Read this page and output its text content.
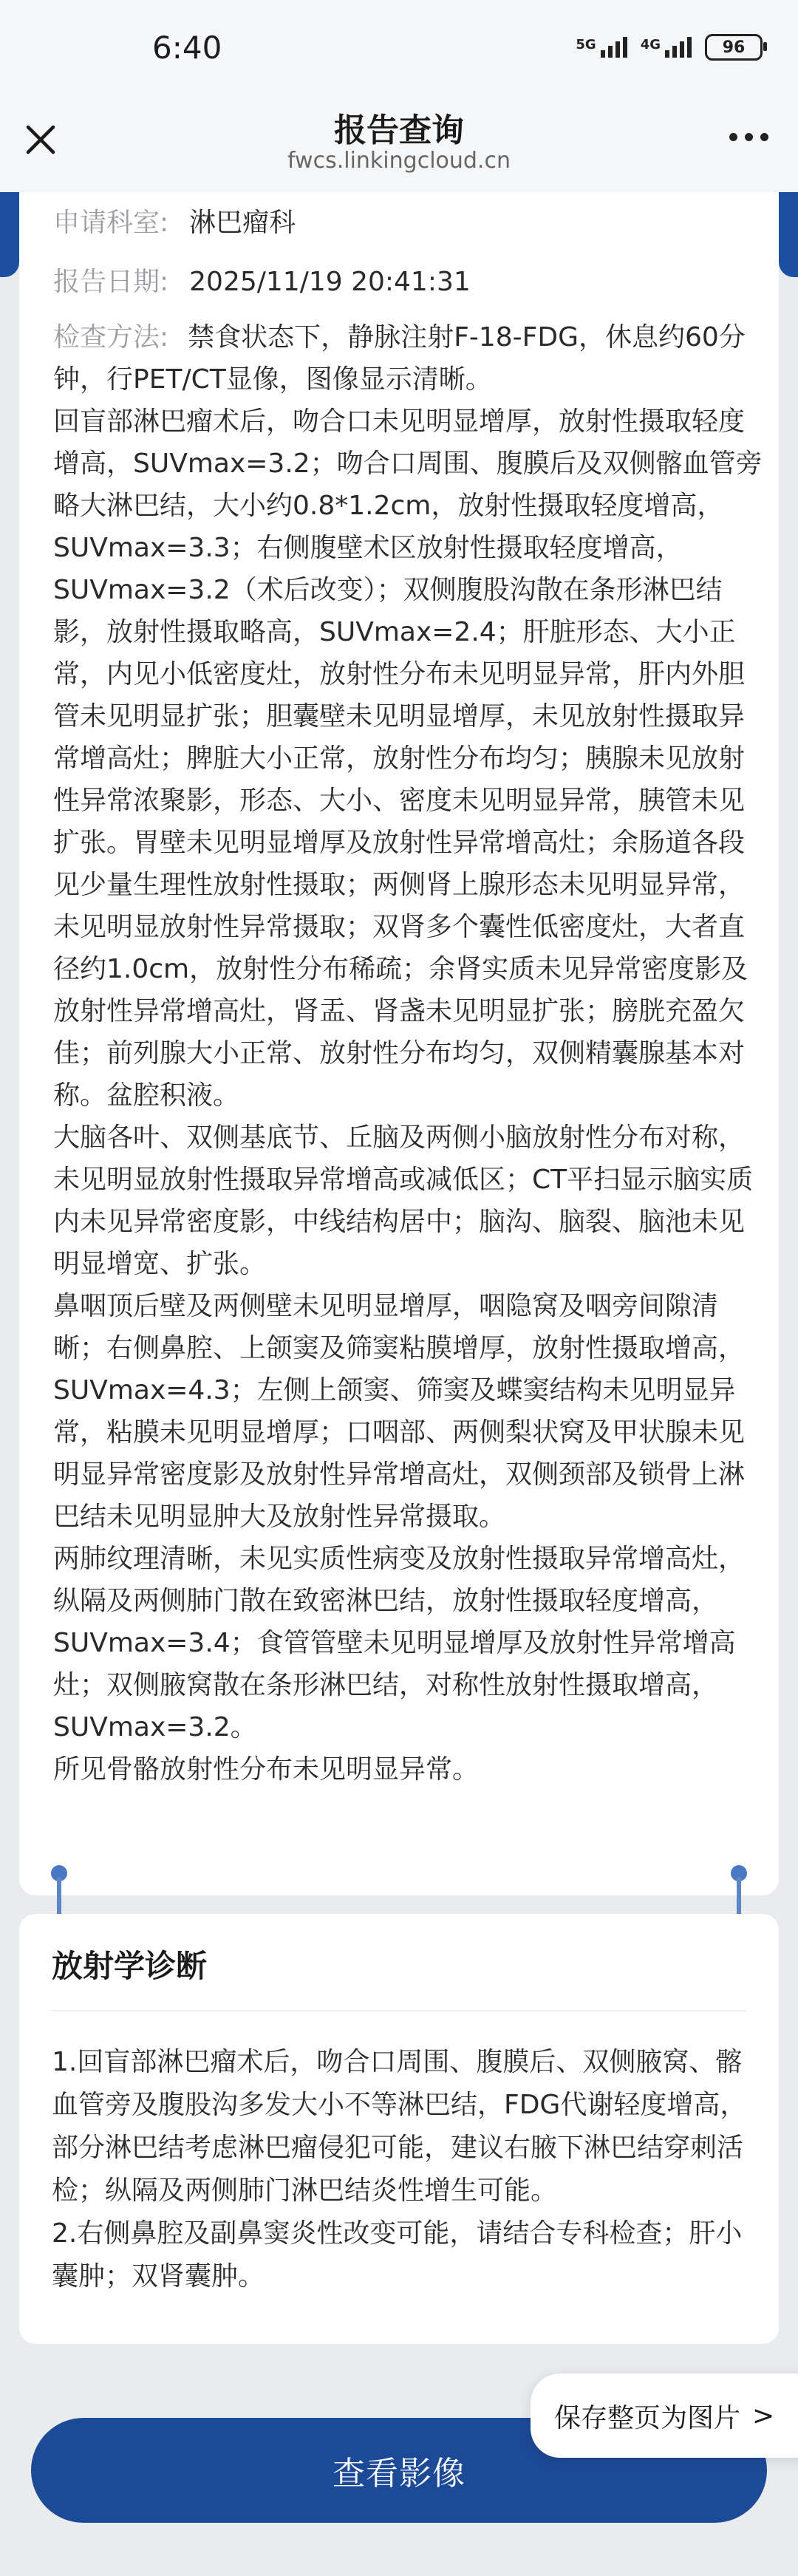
6:40	5G	4G	96
申请科室: 淋巴瘤科
报告日期: 2025/11/19 20:41:31

检查方法: 禁食状态下，静脉注射F-18-FDG，休息约60分钟，行PET/CT显像，图像显示清晰。

回盲部淋巴瘤术后，吻合口未见明显增厚，放射性摄取轻度增高，SUVmax=3.2；吻合口周围、腹膜后及双侧髂血管旁略大淋巴结，大小约0.8*1.2cm，放射性摄取轻度增高，SUVmax=3.3；右侧腹壁术区放射性摄取轻度增高，SUVmax=3.2（术后改变）；双侧腹股沟散在条形淋巴结影，放射性摄取略高，SUVmax=2.4；肝脏形态、大小正常，内见小低密度灶，放射性分布未见明显异常，肝内外胆管未见明显扩张；胆囊壁未见明显增厚，未见放射性摄取异常增高灶；脾脏大小正常，放射性分布均匀；胰腺未见放射性异常浓聚影，形态、大小、密度未见明显异常，胰管未见扩张。胃壁未见明显增厚及放射性异常增高灶；余肠道各段见少量生理性放射性摄取；两侧肾上腺形态未见明显异常，未见明显放射性异常摄取；双肾多个囊性低密度灶，大者直径约1.0cm，放射性分布稀疏；余肾实质未见异常密度影及放射性异常增高灶，肾盂、肾盏未见明显扩张；膀胱充盈欠佳；前列腺大小正常、放射性分布均匀，双侧精囊腺基本对称。盆腔积液。

大脑各叶、双侧基底节、丘脑及两侧小脑放射性分布对称，未见明显放射性摄取异常增高或减低区；CT平扫显示脑实质内未见异常密度影，中线结构居中；脑沟、脑裂、脑池未见明显增宽、扩张。

鼻咽顶后壁及两侧壁未见明显增厚，咽隐窝及咽旁间隙清晰；右侧鼻腔、上颌窦及筛窦粘膜增厚，放射性摄取增高，SUVmax=4.3；左侧上颌窦、筛窦及蝶窦结构未见明显异常，粘膜未见明显增厚；口咽部、两侧梨状窝及甲状腺未见明显异常密度影及放射性异常增高灶，双侧颈部及锁骨上淋巴结未见明显肿大及放射性异常摄取。

两肺纹理清晰，未见实质性病变及放射性摄取异常增高灶，纵隔及两侧肺门散在致密淋巴结，放射性摄取轻度增高，SUVmax=3.4；食管管壁未见明显增厚及放射性异常增高灶；双侧腋窝散在条形淋巴结，对称性放射性摄取增高，SUVmax=3.2。

所见骨骼放射性分布未见明显异常。

报告查询
fwcs.linkingcloud.cn
放射学诊断

1.回盲部淋巴瘤术后，吻合口周围、腹膜后、双侧腋窝、髂血管旁及腹股沟多发大小不等淋巴结，FDG代谢轻度增高，部分淋巴结考虑淋巴瘤侵犯可能，建议右腋下淋巴结穿刺活检；纵隔及两侧肺门淋巴结炎性增生可能。

2.右侧鼻腔及副鼻窦炎性改变可能，请结合专科检查；肝小囊肿；双肾囊肿。

查看影像
保存整页为图片 >
